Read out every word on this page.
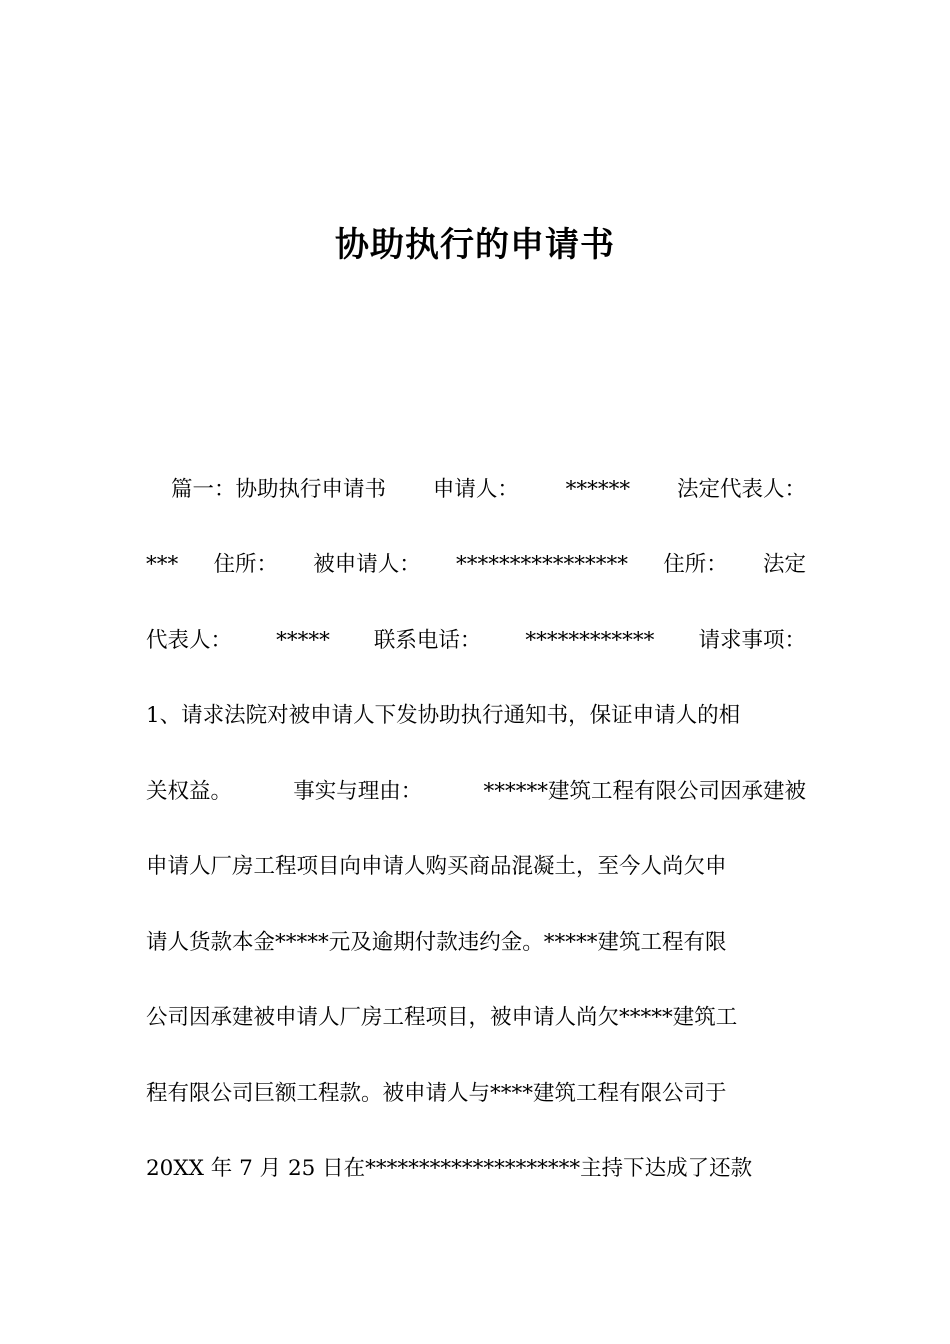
协助执行的申请书
篇一：协助执行申请书 申请人： ****** 法定代表人：
*** 住所： 被申请人： **************** 住所： 法定
代表人： ***** 联系电话： ************ 请求事项：
1、请求法院对被申请人下发协助执行通知书，保证申请人的相
关权益。	事实与理由：	******建筑工程有限公司因承建被
申请人厂房工程项目向申请人购买商品混凝土，至今人尚欠申
请人货款本金*****元及逾期付款违约金。*****建筑工程有限
公司因承建被申请人厂房工程项目，被申请人尚欠*****建筑工
程有限公司巨额工程款。被申请人与****建筑工程有限公司于
20XX 年 7 月 25 日在********************主持下达成了还款
